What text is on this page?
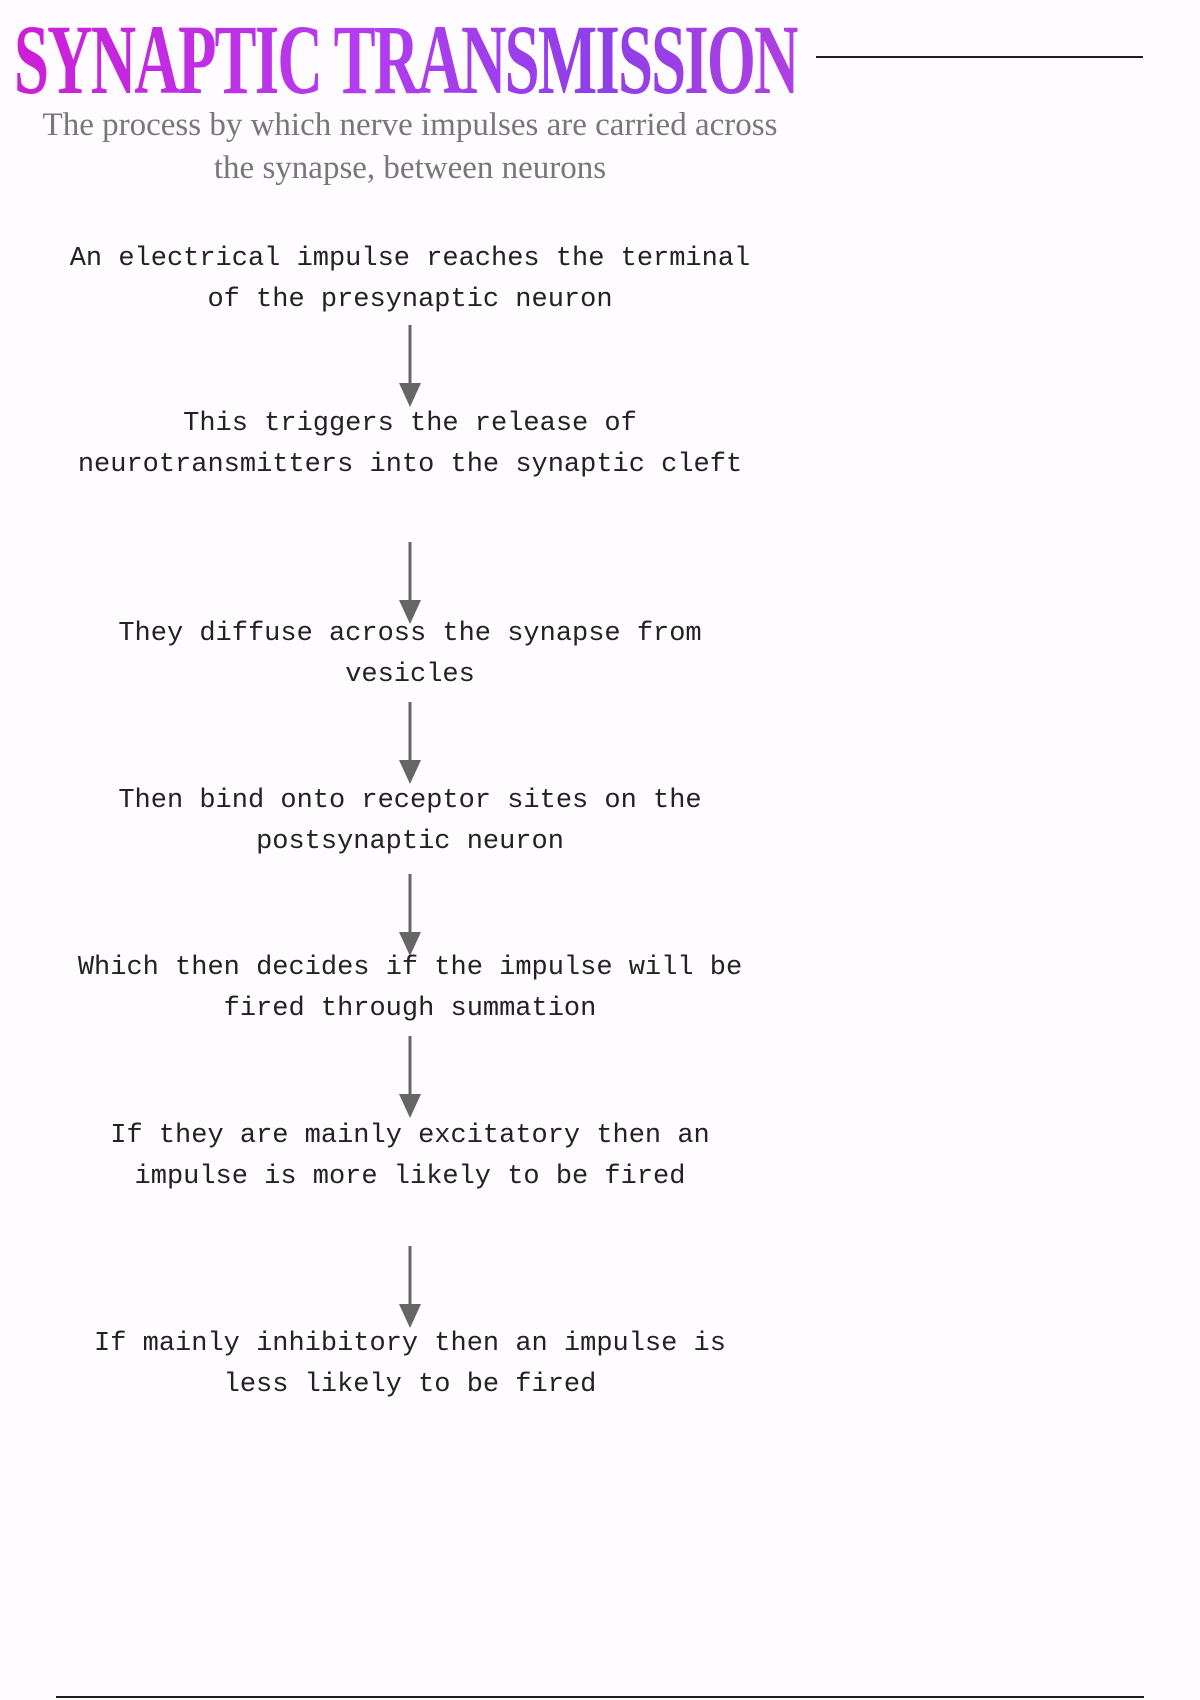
SYNAPTIC TRANSMISSION

The process by which nerve impulses are carried across the synapse, between neurons

An electrical impulse reaches the terminal of the presynaptic neuron

This triggers the release of neurotransmitters into the synaptic cleft

They diffuse across the synapse from vesicles

Then bind onto receptor sites on the postsynaptic neuron

Which then decides if the impulse will be fired through summation

If they are mainly excitatory then an impulse is more likely to be fired

If mainly inhibitory then an impulse is less likely to be fired
